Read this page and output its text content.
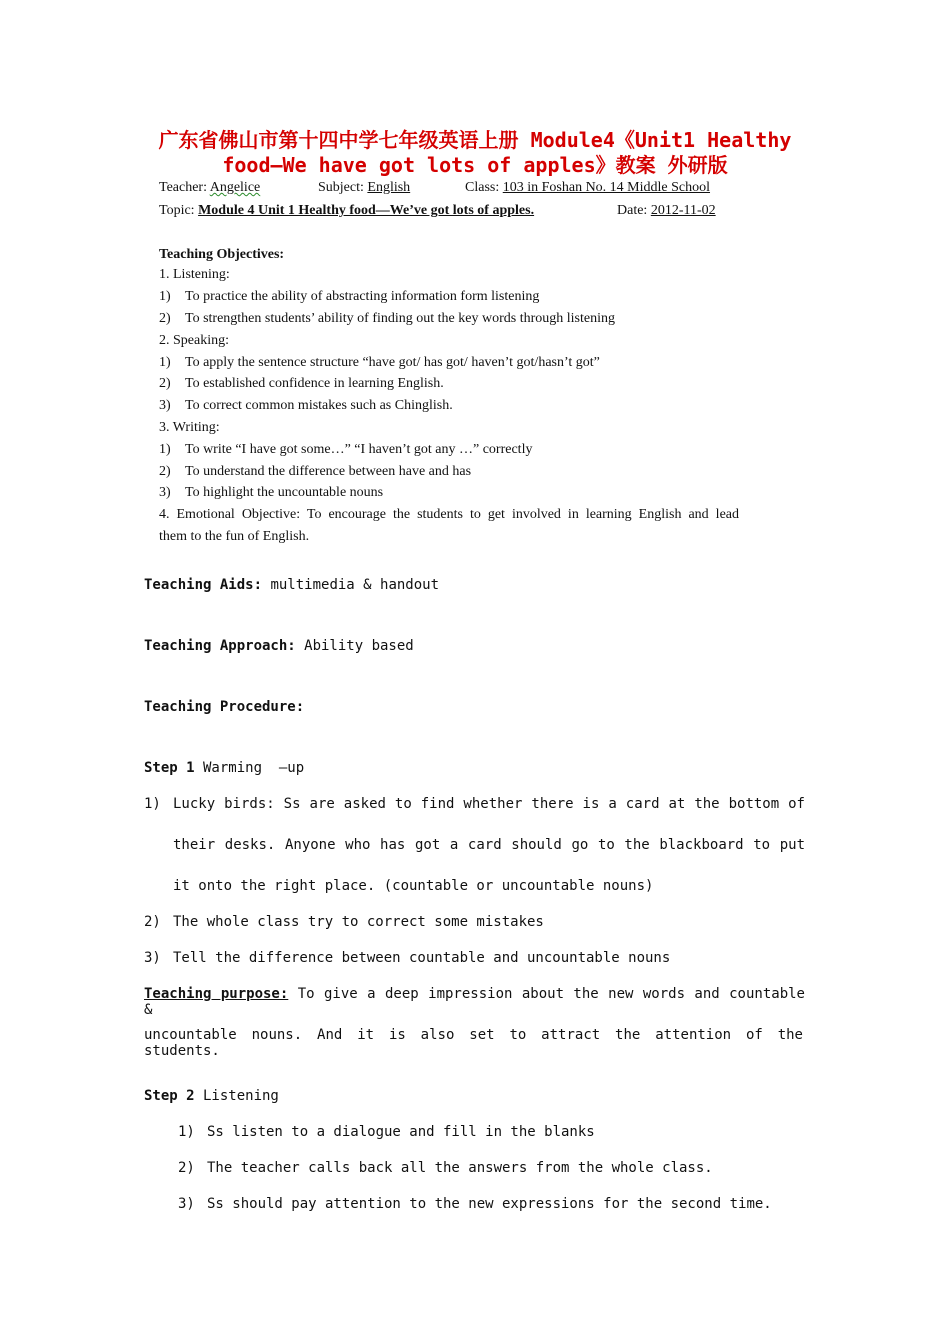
广东省佛山市第十四中学七年级英语上册 Module4《Unit1 Healthy
food—We have got lots of apples》教案 外研版
Teacher: Angelice	Subject: English	Class: 103 in Foshan No. 14 Middle School
Topic: Module 4 Unit 1 Healthy food—We’ve got lots of apples.	Date: 2012-11-02
Teaching Objectives:
1. Listening:
1) To practice the ability of abstracting information form listening
2) To strengthen students’ ability of finding out the key words through listening
2. Speaking:
1) To apply the sentence structure “have got/ has got/ haven’t got/hasn’t got”
2) To established confidence in learning English.
3) To correct common mistakes such as Chinglish.
3. Writing:
1) To write “I have got some…” “I haven’t got any …” correctly
2) To understand the difference between have and has
3) To highlight the uncountable nouns
4. Emotional Objective: To encourage the students to get involved in learning English and lead
them to the fun of English.
Teaching Aids: multimedia & handout
Teaching Approach: Ability based
Teaching Procedure:
Step 1 Warming  –up
1) Lucky birds: Ss are asked to find whether there is a card at the bottom of
their desks. Anyone who has got a card should go to the blackboard to put
it onto the right place. (countable or uncountable nouns)
2) The whole class try to correct some mistakes
3) Tell the difference between countable and uncountable nouns
Teaching purpose: To give a deep impression about the new words and countable &
uncountable nouns. And it is also set to attract the attention of the students.
Step 2 Listening
1) Ss listen to a dialogue and fill in the blanks
2) The teacher calls back all the answers from the whole class.
3) Ss should pay attention to the new expressions for the second time.
